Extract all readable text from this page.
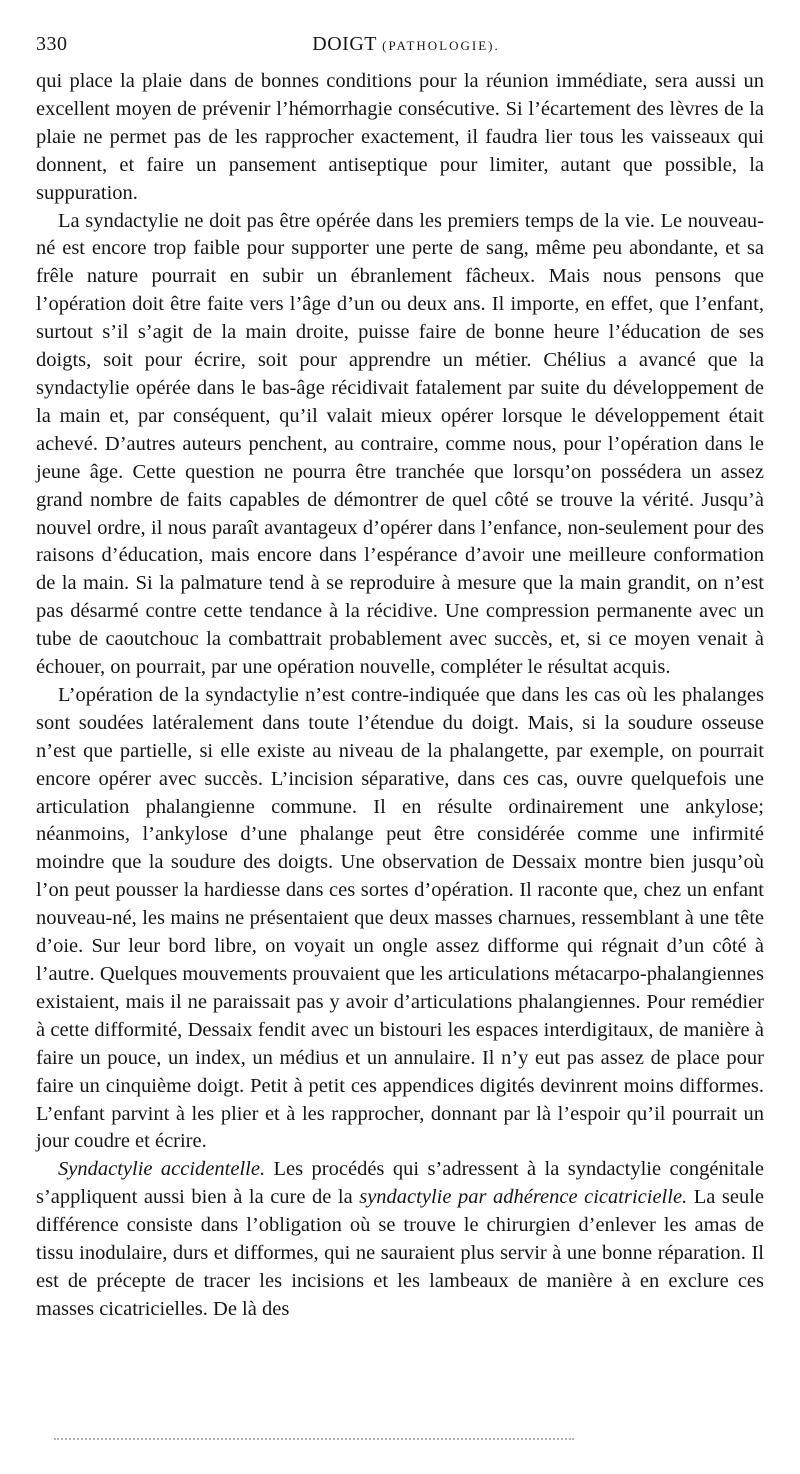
330	DOIGT (PATHOLOGIE).

qui place la plaie dans de bonnes conditions pour la réunion immédiate, sera aussi un excellent moyen de prévenir l’hémorrhagie consécutive. Si l’écartement des lèvres de la plaie ne permet pas de les rapprocher exactement, il faudra lier tous les vaisseaux qui donnent, et faire un pansement antiseptique pour limiter, autant que possible, la suppuration.

La syndactylie ne doit pas être opérée dans les premiers temps de la vie. Le nouveau-né est encore trop faible pour supporter une perte de sang, même peu abondante, et sa frêle nature pourrait en subir un ébranlement fâcheux. Mais nous pensons que l’opération doit être faite vers l’âge d’un ou deux ans. Il importe, en effet, que l’enfant, surtout s’il s’agit de la main droite, puisse faire de bonne heure l’éducation de ses doigts, soit pour écrire, soit pour apprendre un métier. Chélius a avancé que la syndactylie opérée dans le bas-âge récidivait fatalement par suite du développement de la main et, par conséquent, qu’il valait mieux opérer lorsque le développement était achevé. D’autres auteurs penchent, au contraire, comme nous, pour l’opération dans le jeune âge. Cette question ne pourra être tranchée que lorsqu’on possédera un assez grand nombre de faits capables de démontrer de quel côté se trouve la vérité. Jusqu’à nouvel ordre, il nous paraît avantageux d’opérer dans l’enfance, non-seulement pour des raisons d’éducation, mais encore dans l’espérance d’avoir une meilleure conformation de la main. Si la palmature tend à se reproduire à mesure que la main grandit, on n’est pas désarmé contre cette tendance à la récidive. Une compression permanente avec un tube de caoutchouc la combattrait probablement avec succès, et, si ce moyen venait à échouer, on pourrait, par une opération nouvelle, compléter le résultat acquis.

L’opération de la syndactylie n’est contre-indiquée que dans les cas où les phalanges sont soudées latéralement dans toute l’étendue du doigt. Mais, si la soudure osseuse n’est que partielle, si elle existe au niveau de la phalangette, par exemple, on pourrait encore opérer avec succès. L’incision séparative, dans ces cas, ouvre quelquefois une articulation phalangienne commune. Il en résulte ordinairement une ankylose; néanmoins, l’ankylose d’une phalange peut être considérée comme une infirmité moindre que la soudure des doigts. Une observation de Dessaix montre bien jusqu’où l’on peut pousser la hardiesse dans ces sortes d’opération. Il raconte que, chez un enfant nouveau-né, les mains ne présentaient que deux masses charnues, ressemblant à une tête d’oie. Sur leur bord libre, on voyait un ongle assez difforme qui régnait d’un côté à l’autre. Quelques mouvements prouvaient que les articulations métacarpo-phalangiennes existaient, mais il ne paraissait pas y avoir d’articulations phalangiennes. Pour remédier à cette difformité, Dessaix fendit avec un bistouri les espaces interdigitaux, de manière à faire un pouce, un index, un médius et un annulaire. Il n’y eut pas assez de place pour faire un cinquième doigt. Petit à petit ces appendices digités devinrent moins difformes. L’enfant parvint à les plier et à les rapprocher, donnant par là l’espoir qu’il pourrait un jour coudre et écrire.

Syndactylie accidentelle. Les procédés qui s’adressent à la syndactylie congénitale s’appliquent aussi bien à la cure de la syndactylie par adhérence cicatricielle. La seule différence consiste dans l’obligation où se trouve le chirurgien d’enlever les amas de tissu inodulaire, durs et difformes, qui ne sauraient plus servir à une bonne réparation. Il est de précepte de tracer les incisions et les lambeaux de manière à en exclure ces masses cicatricielles. De là des
